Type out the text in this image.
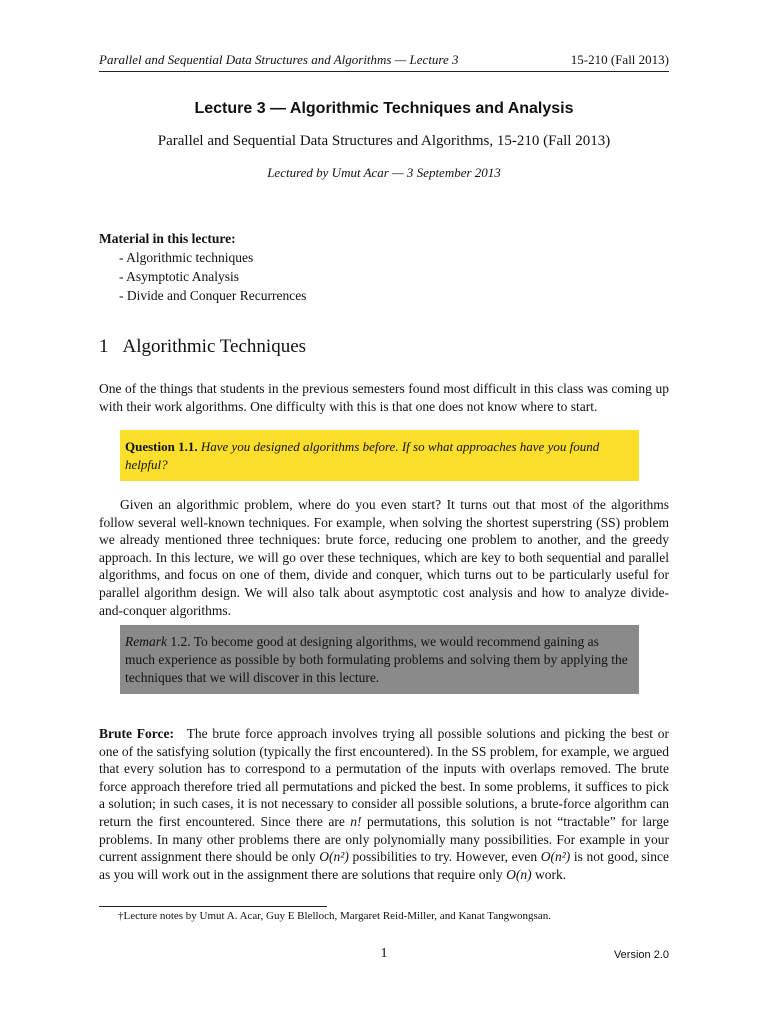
Parallel and Sequential Data Structures and Algorithms — Lecture 3	15-210 (Fall 2013)
Lecture 3 — Algorithmic Techniques and Analysis
Parallel and Sequential Data Structures and Algorithms, 15-210 (Fall 2013)
Lectured by Umut Acar — 3 September 2013
Material in this lecture:
- Algorithmic techniques
- Asymptotic Analysis
- Divide and Conquer Recurrences
1 Algorithmic Techniques

One of the things that students in the previous semesters found most difficult in this class was coming up with their work algorithms. One difficulty with this is that one does not know where to start.

Question 1.1. Have you designed algorithms before. If so what approaches have you found helpful?

Given an algorithmic problem, where do you even start? It turns out that most of the algorithms follow several well-known techniques. For example, when solving the shortest superstring (SS) problem we already mentioned three techniques: brute force, reducing one problem to another, and the greedy approach. In this lecture, we will go over these techniques, which are key to both sequential and parallel algorithms, and focus on one of them, divide and conquer, which turns out to be particularly useful for parallel algorithm design. We will also talk about asymptotic cost analysis and how to analyze divide-and-conquer algorithms.

Remark 1.2. To become good at designing algorithms, we would recommend gaining as much experience as possible by both formulating problems and solving them by applying the techniques that we will discover in this lecture.

Brute Force: The brute force approach involves trying all possible solutions and picking the best or one of the satisfying solution (typically the first encountered). In the SS problem, for example, we argued that every solution has to correspond to a permutation of the inputs with overlaps removed. The brute force approach therefore tried all permutations and picked the best. In some problems, it suffices to pick a solution; in such cases, it is not necessary to consider all possible solutions, a brute-force algorithm can return the first encountered. Since there are n! permutations, this solution is not “tractable” for large problems. In many other problems there are only polynomially many possibilities. For example in your current assignment there should be only O(n²) possibilities to try. However, even O(n²) is not good, since as you will work out in the assignment there are solutions that require only O(n) work.

†Lecture notes by Umut A. Acar, Guy E Blelloch, Margaret Reid-Miller, and Kanat Tangwongsan.
1	Version 2.0
